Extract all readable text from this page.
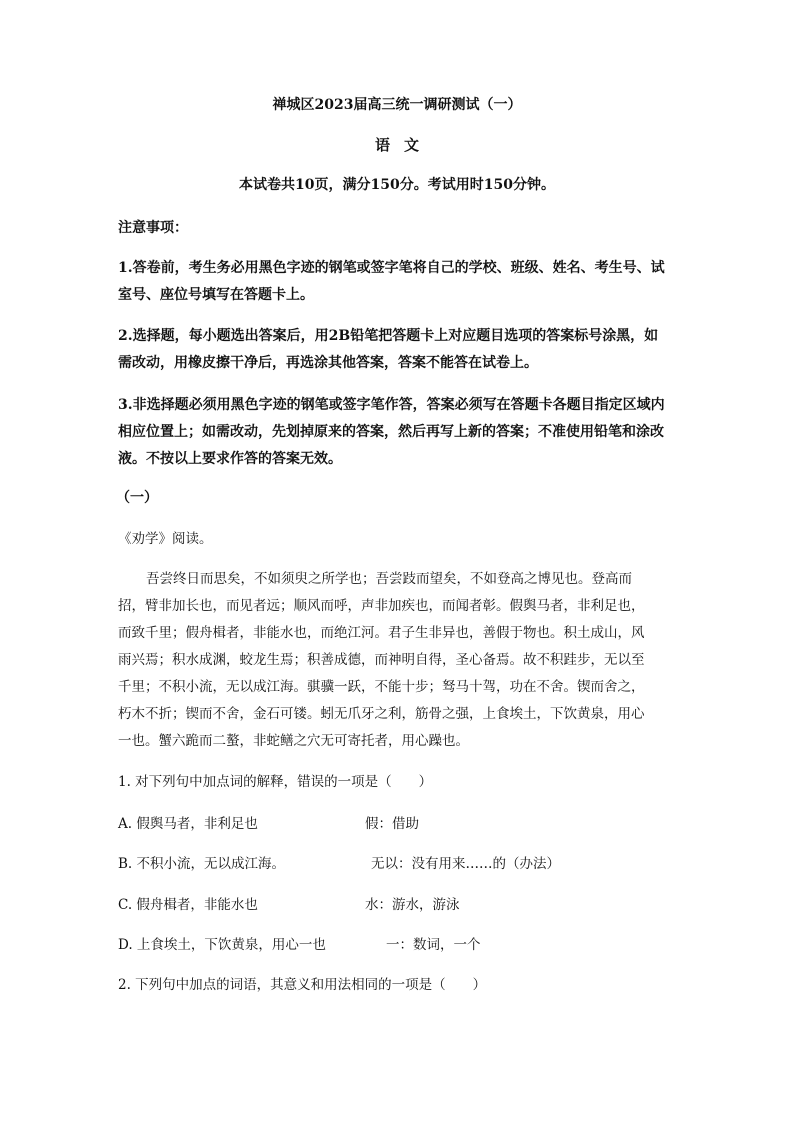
禅城区2023届高三统一调研测试（一）
语文
本试卷共10页，满分150分。考试用时150分钟。
注意事项：
1.答卷前，考生务必用黑色字迹的钢笔或签字笔将自己的学校、班级、姓名、考生号、试
室号、座位号填写在答题卡上。
2.选择题，每小题选出答案后，用2B铅笔把答题卡上对应题目选项的答案标号涂黑，如
需改动，用橡皮擦干净后，再选涂其他答案，答案不能答在试卷上。
3.非选择题必须用黑色字迹的钢笔或签字笔作答，答案必须写在答题卡各题目指定区域内
相应位置上；如需改动，先划掉原来的答案，然后再写上新的答案；不准使用铅笔和涂改
液。不按以上要求作答的答案无效。
（一）
《劝学》阅读。
吾尝终日而思矣，不如须臾之所学也；吾尝跂而望矣，不如登高之博见也。登高而
招，臂非加长也，而见者远；顺风而呼，声非加疾也，而闻者彰。假舆马者，非利足也，
而致千里；假舟楫者，非能水也，而绝江河。君子生非异也，善假于物也。积土成山，风
雨兴焉；积水成渊，蛟龙生焉；积善成德，而神明自得，圣心备焉。故不积跬步，无以至
千里；不积小流，无以成江海。骐骥一跃，不能十步；驽马十驾，功在不舍。锲而舍之，
朽木不折；锲而不舍，金石可镂。蚓无爪牙之利，筋骨之强，上食埃土，下饮黄泉，用心
一也。蟹六跪而二螯，非蛇鳝之穴无可寄托者，用心躁也。
1. 对下列句中加点词的解释，错误的一项是（　　）
A. 假舆马者，非利足也	假：借助
B. 不积小流，无以成江海。	无以：没有用来……的（办法）
C. 假舟楫者，非能水也	水：游水，游泳
D. 上食埃土，下饮黄泉，用心一也	一：数词，一个
2. 下列句中加点的词语，其意义和用法相同的一项是（　　）
